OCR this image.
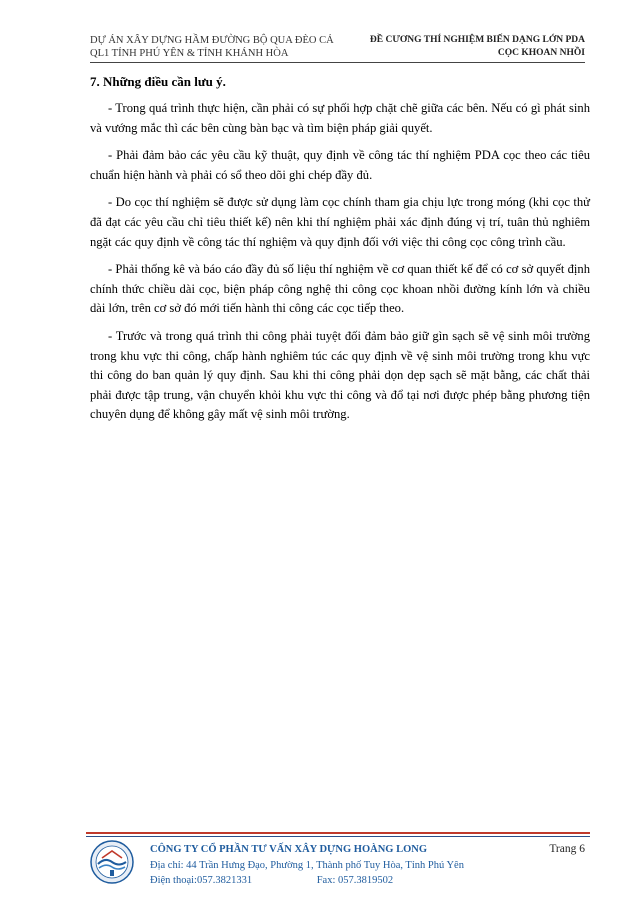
DỰ ÁN XÂY DỰNG HẦM ĐƯỜNG BỘ QUA ĐÈO CẢ
QL1 TỈNH PHÚ YÊN & TỈNH KHÁNH HÒA
ĐỀ CƯƠNG THÍ NGHIỆM BIẾN DẠNG LỚN PDA
CỌC KHOAN NHỒI
7. Những điều cần lưu ý.

- Trong quá trình thực hiện, cần phải có sự phối hợp chặt chẽ giữa các bên. Nếu có gì phát sinh và vướng mắc thì các bên cùng bàn bạc và tìm biện pháp giải quyết.

- Phải đảm bảo các yêu cầu kỹ thuật, quy định về công tác thí nghiệm PDA cọc theo các tiêu chuẩn hiện hành và phải có sổ theo dõi ghi chép đầy đủ.

- Do cọc thí nghiệm sẽ được sử dụng làm cọc chính tham gia chịu lực trong móng (khi cọc thử đã đạt các yêu cầu chỉ tiêu thiết kế) nên khi thí nghiệm phải xác định đúng vị trí, tuân thủ nghiêm ngặt các quy định về công tác thí nghiệm và quy định đối với việc thi công cọc công trình cầu.

- Phải thống kê và báo cáo đầy đủ số liệu thí nghiệm về cơ quan thiết kế để có cơ sở quyết định chính thức chiều dài cọc, biện pháp công nghệ thi công cọc khoan nhồi đường kính lớn và chiều dài lớn, trên cơ sở đó mới tiến hành thi công các cọc tiếp theo.

- Trước và trong quá trình thi công phải tuyệt đối đảm bảo giữ gìn sạch sẽ vệ sinh môi trường trong khu vực thi công, chấp hành nghiêm túc các quy định về vệ sinh môi trường trong khu vực thi công do ban quản lý quy định. Sau khi thi công phải dọn dẹp sạch sẽ mặt bằng, các chất thải phải được tập trung, vận chuyển khỏi khu vực thi công và đổ tại nơi được phép bằng phương tiện chuyên dụng để không gây mất vệ sinh môi trường.

CÔNG TY CỔ PHẦN TƯ VẤN XÂY DỰNG HOÀNG LONG
Địa chỉ: 44 Trần Hưng Đạo, Phường 1, Thành phố Tuy Hòa, Tỉnh Phú Yên
Điện thoại:057.3821331	Fax: 057.3819502
Trang 6
